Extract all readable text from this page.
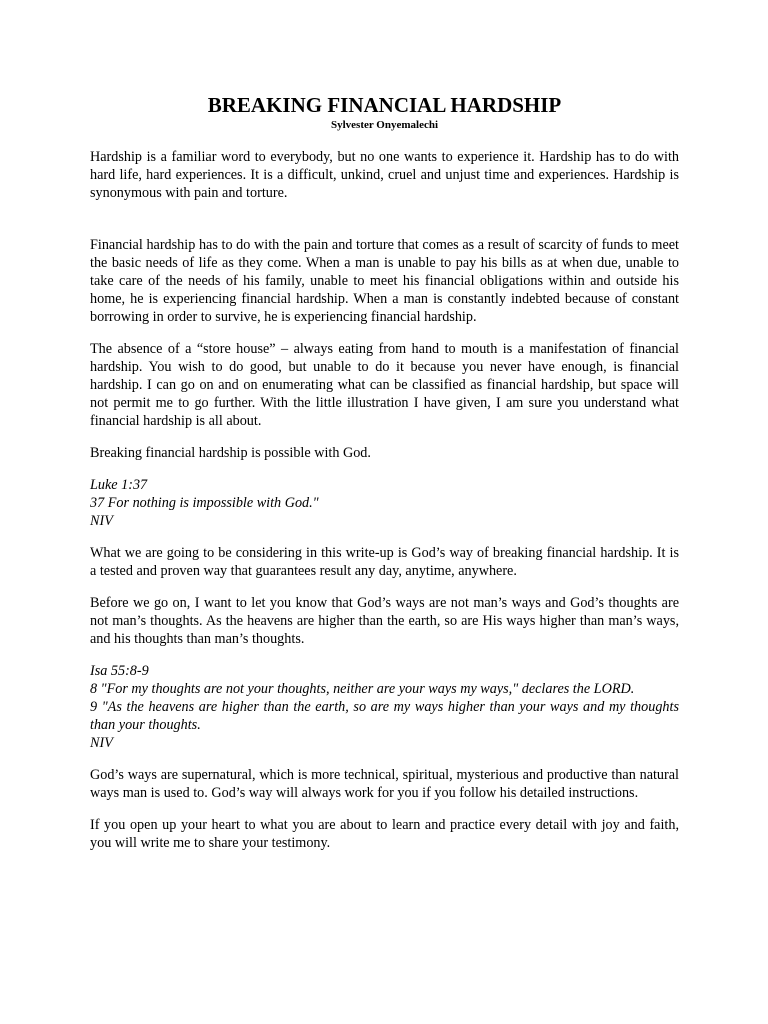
BREAKING FINANCIAL HARDSHIP

Sylvester Onyemalechi

Hardship is a familiar word to everybody, but no one wants to experience it. Hardship has to do with hard life, hard experiences. It is a difficult, unkind, cruel and unjust time and experiences. Hardship is synonymous with pain and torture.

Financial hardship has to do with the pain and torture that comes as a result of scarcity of funds to meet the basic needs of life as they come. When a man is unable to pay his bills as at when due, unable to take care of the needs of his family, unable to meet his financial obligations within and outside his home, he is experiencing financial hardship. When a man is constantly indebted because of constant borrowing in order to survive, he is experiencing financial hardship.

The absence of a “store house” – always eating from hand to mouth is a manifestation of financial hardship. You wish to do good, but unable to do it because you never have enough, is financial hardship. I can go on and on enumerating what can be classified as financial hardship, but space will not permit me to go further. With the little illustration I have given, I am sure you understand what financial hardship is all about.

Breaking financial hardship is possible with God.

Luke 1:37
37 For nothing is impossible with God."
NIV

What we are going to be considering in this write-up is God’s way of breaking financial hardship. It is a tested and proven way that guarantees result any day, anytime, anywhere.

Before we go on, I want to let you know that God’s ways are not man’s ways and God’s thoughts are not man’s thoughts. As the heavens are higher than the earth, so are His ways higher than man’s ways, and his thoughts than man’s thoughts.

Isa 55:8-9
8 "For my thoughts are not your thoughts, neither are your ways my ways," declares the LORD.
9 "As the heavens are higher than the earth, so are my ways higher than your ways and my thoughts than your thoughts.
NIV

God’s ways are supernatural, which is more technical, spiritual, mysterious and productive than natural ways man is used to. God’s way will always work for you if you follow his detailed instructions.

If you open up your heart to what you are about to learn and practice every detail with joy and faith, you will write me to share your testimony.
